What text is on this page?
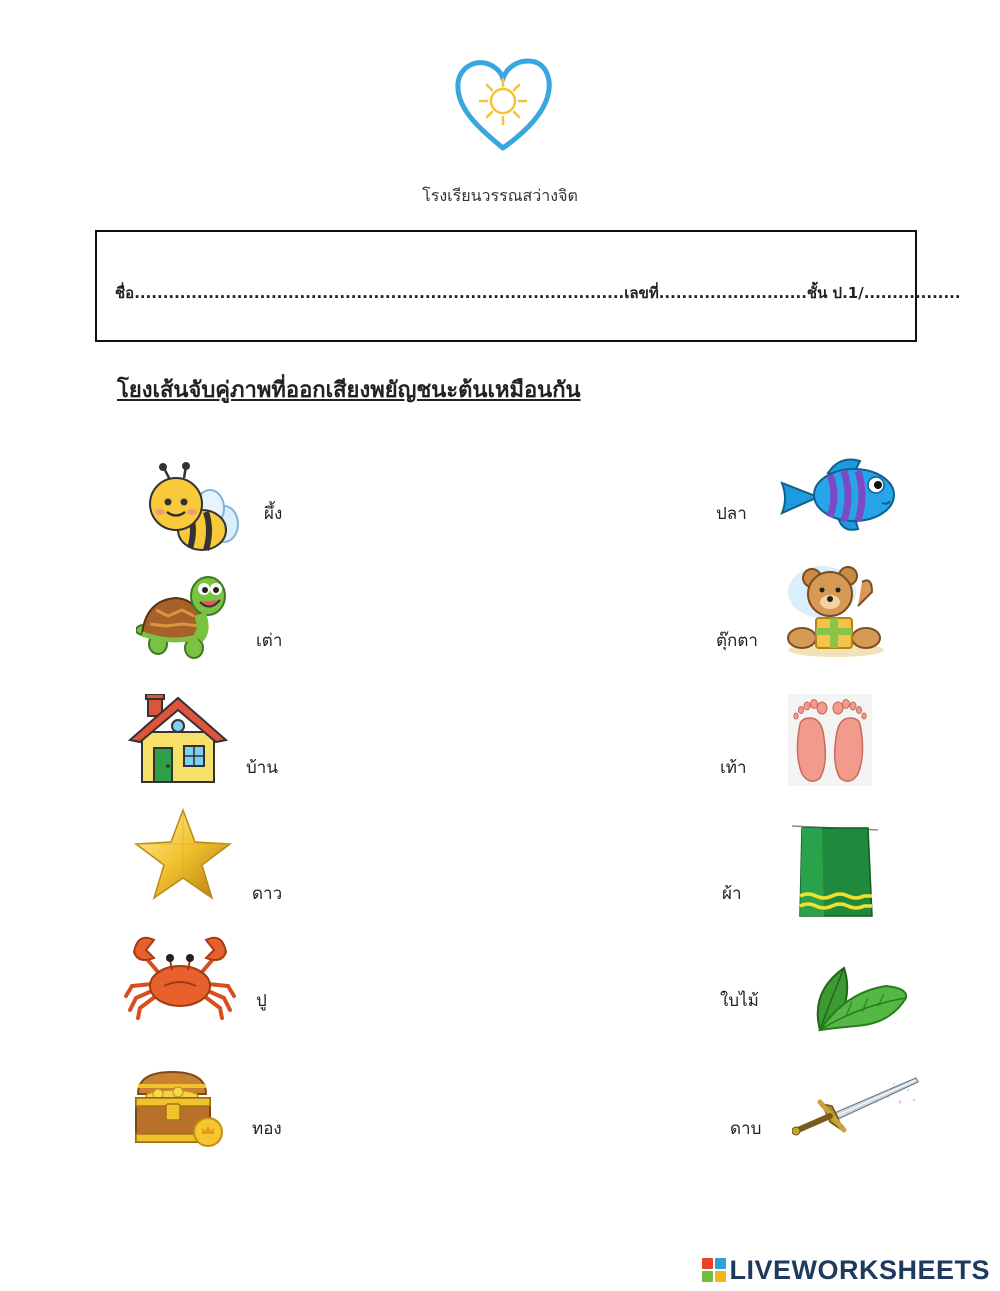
โรงเรียนวรรณสว่างจิต
ชื่อ......................................................................................เลขที่..........................ชั้น ป.1/.................
โยงเส้นจับคู่ภาพที่ออกเสียงพยัญชนะต้นเหมือนกัน
ผึ้ง
เต่า
บ้าน
ดาว
ปู
ทอง
ปลา
ตุ๊กตา
เท้า
ผ้า
ใบไม้
ดาบ
LIVEWORKSHEETS
